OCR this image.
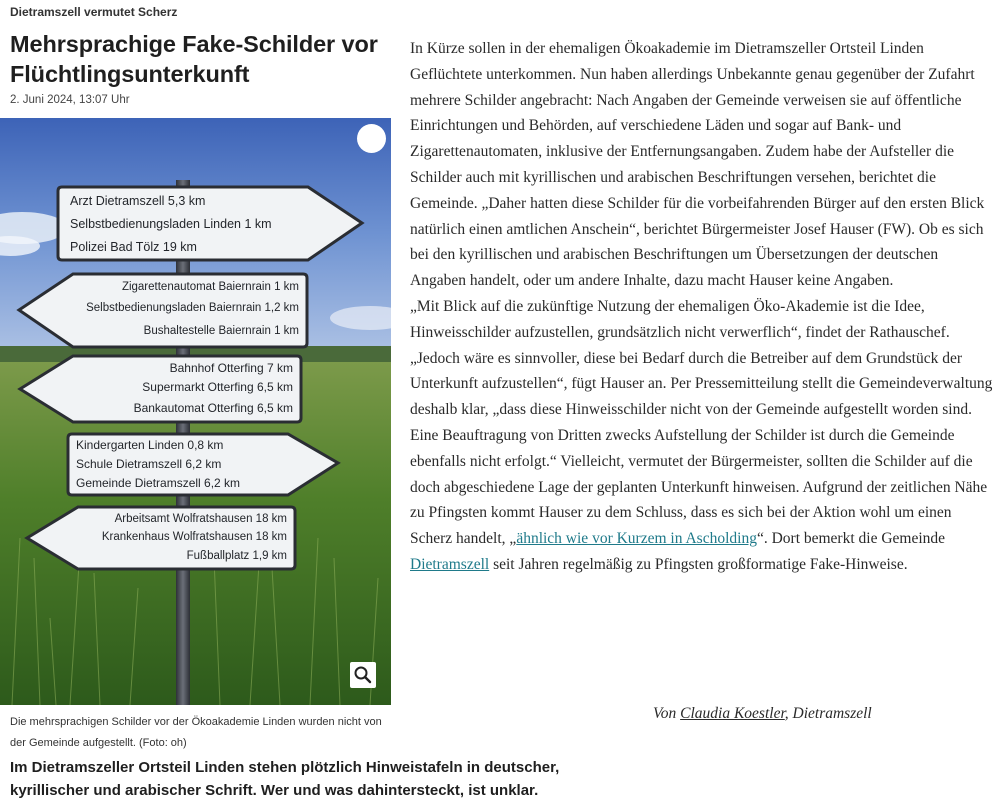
Dietramszell vermutet Scherz
Mehrsprachige Fake-Schilder vor Flüchtlingsunterkunft
2. Juni 2024, 13:07 Uhr
Arzt Dietramszell 5,3 km
Selbstbedienungsladen Linden 1 km
Polizei Bad Tölz 19 km
Zigarettenautomat Baiernrain 1 km
Selbstbedienungsladen Baiernrain 1,2 km
Bushaltestelle Baiernrain 1 km
Bahnhof Otterfing 7 km
Supermarkt Otterfing 6,5 km
Bankautomat Otterfing 6,5 km
Kindergarten Linden 0,8 km
Schule Dietramszell 6,2 km
Gemeinde Dietramszell 6,2 km
Arbeitsamt Wolfratshausen 18 km
Krankenhaus Wolfratshausen 18 km
Fußballplatz 1,9 km
Die mehrsprachigen Schilder vor der Ökoakademie Linden wurden nicht von der Gemeinde aufgestellt. (Foto: oh)
Im Dietramszeller Ortsteil Linden stehen plötzlich Hinweistafeln in deutscher, kyrillischer und arabischer Schrift. Wer und was dahintersteckt, ist unklar.

In Kürze sollen in der ehemaligen Ökoakademie im Dietramszeller Ortsteil Linden Geflüchtete unterkommen. Nun haben allerdings Unbekannte genau gegenüber der Zufahrt mehrere Schilder angebracht: Nach Angaben der Gemeinde verweisen sie auf öffentliche Einrichtungen und Behörden, auf verschiedene Läden und sogar auf Bank- und Zigarettenautomaten, inklusive der Entfernungsangaben. Zudem habe der Aufsteller die Schilder auch mit kyrillischen und arabischen Beschriftungen versehen, berichtet die Gemeinde. „Daher hatten diese Schilder für die vorbeifahrenden Bürger auf den ersten Blick natürlich einen amtlichen Anschein“, berichtet Bürgermeister Josef Hauser (FW). Ob es sich bei den kyrillischen und arabischen Beschriftungen um Übersetzungen der deutschen Angaben handelt, oder um andere Inhalte, dazu macht Hauser keine Angaben.

„Mit Blick auf die zukünftige Nutzung der ehemaligen Öko-Akademie ist die Idee, Hinweisschilder aufzustellen, grundsätzlich nicht verwerflich“, findet der Rathauschef. „Jedoch wäre es sinnvoller, diese bei Bedarf durch die Betreiber auf dem Grundstück der Unterkunft aufzustellen“, fügt Hauser an. Per Pressemitteilung stellt die Gemeindeverwaltung deshalb klar, „dass diese Hinweisschilder nicht von der Gemeinde aufgestellt worden sind. Eine Beauftragung von Dritten zwecks Aufstellung der Schilder ist durch die Gemeinde ebenfalls nicht erfolgt.“ Vielleicht, vermutet der Bürgermeister, sollten die Schilder auf die doch abgeschiedene Lage der geplanten Unterkunft hinweisen. Aufgrund der zeitlichen Nähe zu Pfingsten kommt Hauser zu dem Schluss, dass es sich bei der Aktion wohl um einen Scherz handelt, „ähnlich wie vor Kurzem in Ascholding“. Dort bemerkt die Gemeinde Dietramszell seit Jahren regelmäßig zu Pfingsten großformatige Fake-Hinweise.

Von Claudia Koestler, Dietramszell
